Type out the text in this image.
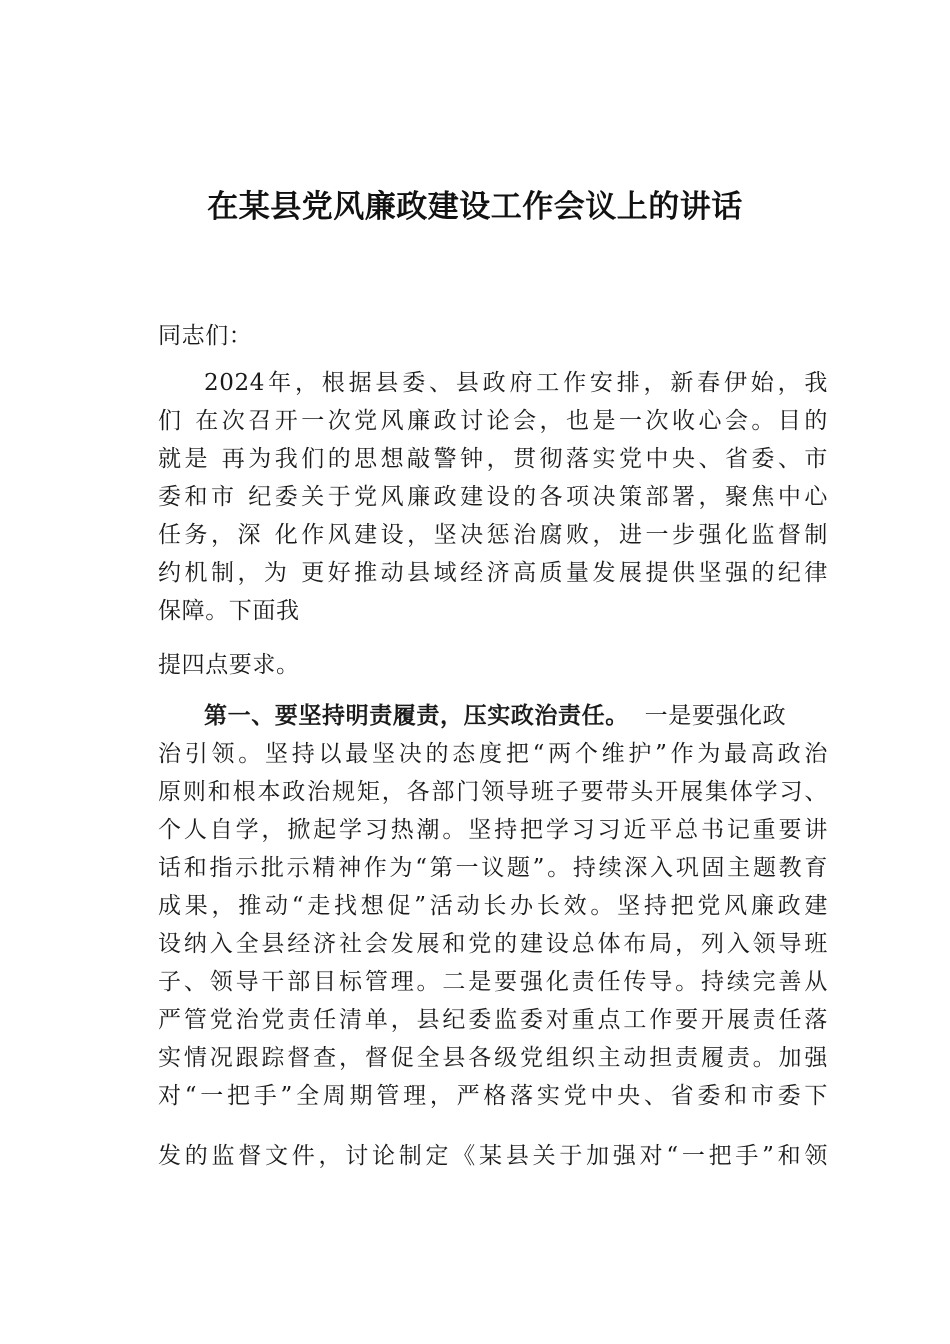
在某县党风廉政建设工作会议上的讲话
同志们：
2024年，根据县委、县政府工作安排，新春伊始，我
们 在次召开一次党风廉政讨论会，也是一次收心会。目的
就是 再为我们的思想敲警钟，贯彻落实党中央、省委、市
委和市 纪委关于党风廉政建设的各项决策部署，聚焦中心
任务，深 化作风建设，坚决惩治腐败，进一步强化监督制
约机制，为 更好推动县域经济高质量发展提供坚强的纪律
保障。下面我
提四点要求。
第一、要坚持明责履责，压实政治责任。 一是要强化政
治引领。坚持以最坚决的态度把“两个维护”作为最高政治
原则和根本政治规矩，各部门领导班子要带头开展集体学习、
个人自学，掀起学习热潮。坚持把学习习近平总书记重要讲
话和指示批示精神作为“第一议题”。持续深入巩固主题教育
成果，推动“走找想促”活动长办长效。坚持把党风廉政建
设纳入全县经济社会发展和党的建设总体布局，列入领导班
子、领导干部目标管理。二是要强化责任传导。持续完善从
严管党治党责任清单，县纪委监委对重点工作要开展责任落
实情况跟踪督查，督促全县各级党组织主动担责履责。加强
对“一把手”全周期管理，严格落实党中央、省委和市委下
发的监督文件，讨论制定《某县关于加强对“一把手”和领
